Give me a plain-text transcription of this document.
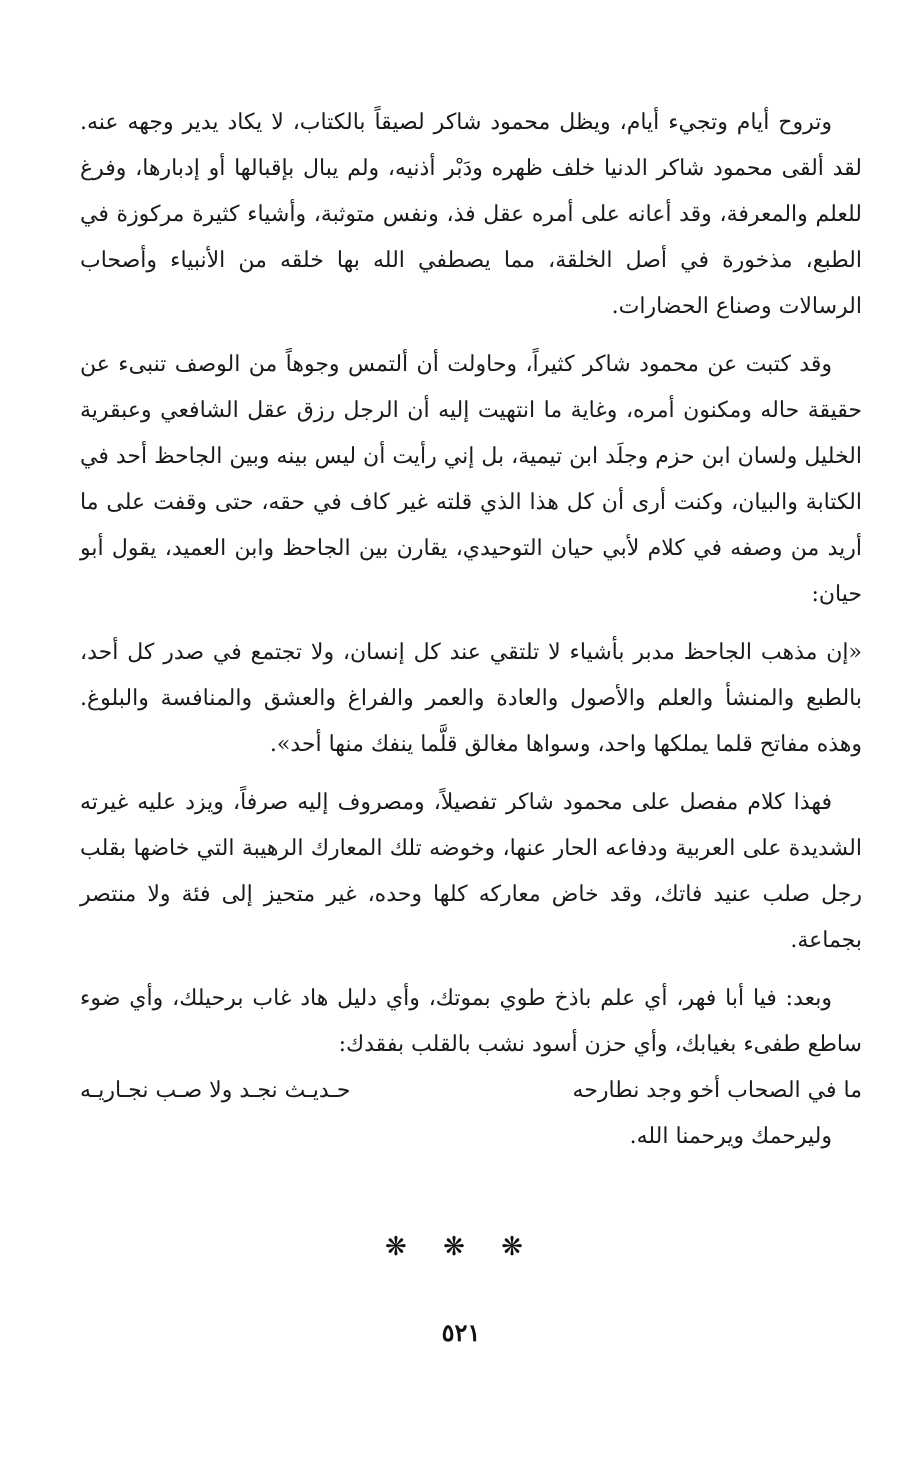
وتروح أيام وتجيء أيام، ويظل محمود شاكر لصيقاً بالكتاب، لا يكاد يدير وجهه عنه. لقد ألقى محمود شاكر الدنيا خلف ظهره ودَبْر أذنيه، ولم يبال بإقبالها أو إدبارها، وفرغ للعلم والمعرفة، وقد أعانه على أمره عقل فذ، ونفس متوثبة، وأشياء كثيرة مركوزة في الطبع، مذخورة في أصل الخلقة، مما يصطفي الله بها خلقه من الأنبياء وأصحاب الرسالات وصناع الحضارات.

وقد كتبت عن محمود شاكر كثيراً، وحاولت أن ألتمس وجوهاً من الوصف تنبىء عن حقيقة حاله ومكنون أمره، وغاية ما انتهيت إليه أن الرجل رزق عقل الشافعي وعبقرية الخليل ولسان ابن حزم وجلَد ابن تيمية، بل إني رأيت أن ليس بينه وبين الجاحظ أحد في الكتابة والبيان، وكنت أرى أن كل هذا الذي قلته غير كاف في حقه، حتى وقفت على ما أريد من وصفه في كلام لأبي حيان التوحيدي، يقارن بين الجاحظ وابن العميد، يقول أبو حيان:

«إن مذهب الجاحظ مدبر بأشياء لا تلتقي عند كل إنسان، ولا تجتمع في صدر كل أحد، بالطبع والمنشأ والعلم والأصول والعادة والعمر والفراغ والعشق والمنافسة والبلوغ. وهذه مفاتح قلما يملكها واحد، وسواها مغالق قلَّما ينفك منها أحد».

فهذا كلام مفصل على محمود شاكر تفصيلاً، ومصروف إليه صرفاً، ويزد عليه غيرته الشديدة على العربية ودفاعه الحار عنها، وخوضه تلك المعارك الرهيبة التي خاضها بقلب رجل صلب عنيد فاتك، وقد خاض معاركه كلها وحده، غير متحيز إلى فئة ولا منتصر بجماعة.

وبعد: فيا أبا فهر، أي علم باذخ طوي بموتك، وأي دليل هاد غاب برحيلك، وأي ضوء ساطع طفىء بغيابك، وأي حزن أسود نشب بالقلب بفقدك:

ما في الصحاب أخو وجد نطارحه
حـديـث نجـد ولا صـب نجـاريـه

وليرحمك ويرحمنا الله.

❋ ❋ ❋
٥٢١
